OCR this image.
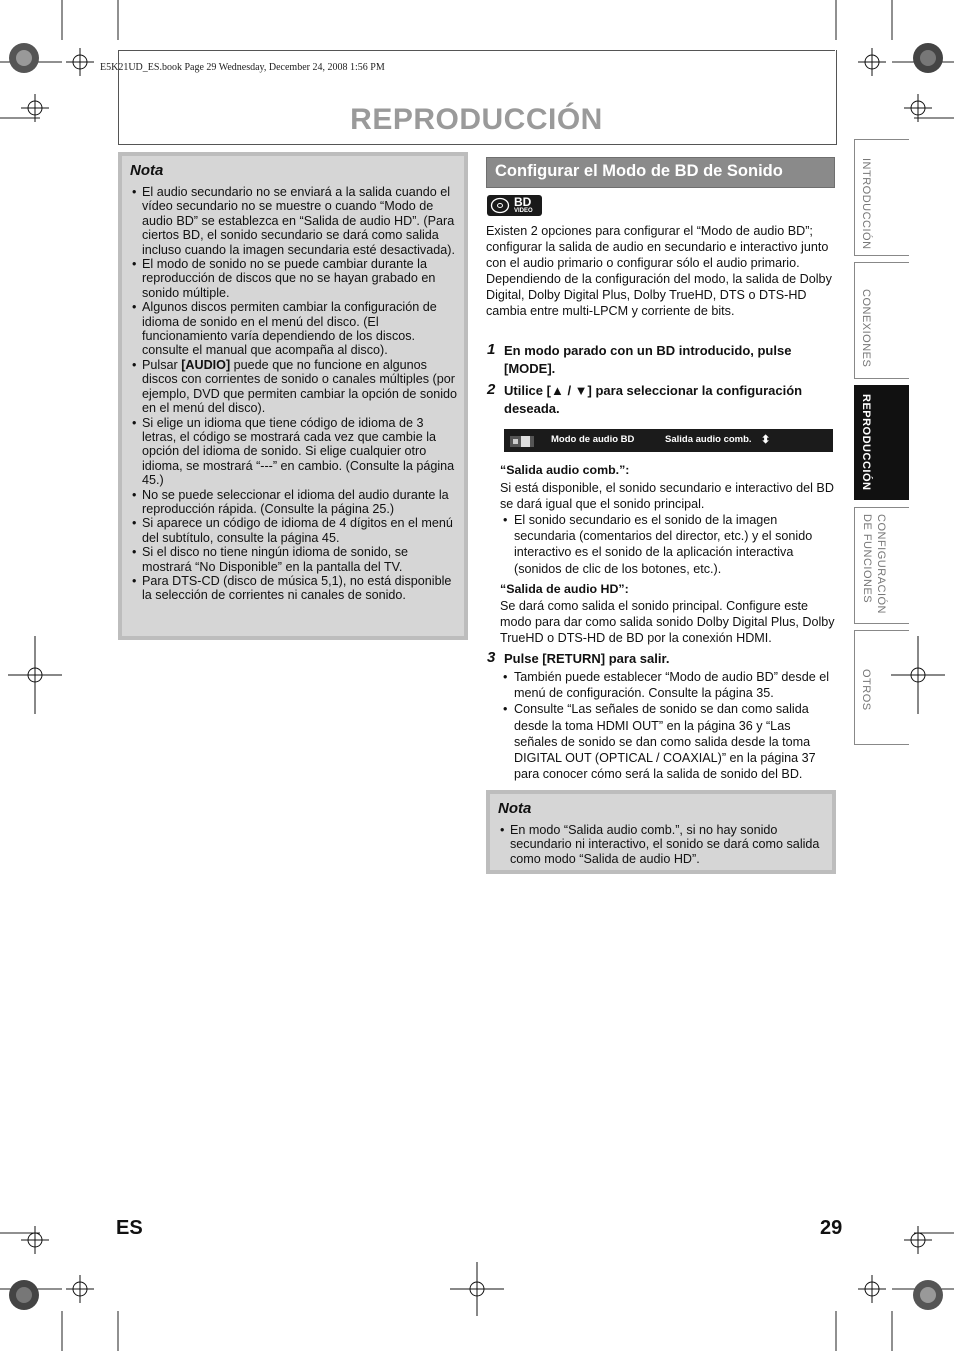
E5K21UD_ES.book Page 29 Wednesday, December 24, 2008 1:56 PM
REPRODUCCIÓN
Nota
• El audio secundario no se enviará a la salida cuando el vídeo secundario no se muestre o cuando “Modo de audio BD” se establezca en “Salida de audio HD”. (Para ciertos BD, el sonido secundario se dará como salida incluso cuando la imagen secundaria esté desactivada).
• El modo de sonido no se puede cambiar durante la reproducción de discos que no se hayan grabado en sonido múltiple.
• Algunos discos permiten cambiar la configuración de idioma de sonido en el menú del disco. (El funcionamiento varía dependiendo de los discos. consulte el manual que acompaña al disco).
• Pulsar [AUDIO] puede que no funcione en algunos discos con corrientes de sonido o canales múltiples (por ejemplo, DVD que permiten cambiar la opción de sonido en el menú del disco).
• Si elige un idioma que tiene código de idioma de 3 letras, el código se mostrará cada vez que cambie la opción del idioma de sonido. Si elige cualquier otro idioma, se mostrará “---” en cambio. (Consulte la página 45.)
• No se puede seleccionar el idioma del audio durante la reproducción rápida. (Consulte la página 25.)
• Si aparece un código de idioma de 4 dígitos en el menú del subtítulo, consulte la página 45.
• Si el disco no tiene ningún idioma de sonido, se mostrará “No Disponible” en la pantalla del TV.
• Para DTS-CD (disco de música 5,1), no está disponible la selección de corrientes ni canales de sonido.
Configurar el Modo de BD de Sonido
BD
VIDEO
Existen 2 opciones para configurar el “Modo de audio BD”; configurar la salida de audio en secundario e interactivo junto con el audio primario o configurar sólo el audio primario. Dependiendo de la configuración del modo, la salida de Dolby Digital, Dolby Digital Plus, Dolby TrueHD, DTS o DTS-HD cambia entre multi-LPCM y corriente de bits.
1 En modo parado con un BD introducido, pulse [MODE].
2 Utilice [▲ / ▼] para seleccionar la configuración deseada.
Modo de audio BD	Salida audio comb. ⬍
“Salida audio comb.”:
Si está disponible, el sonido secundario e interactivo del BD se dará igual que el sonido principal.
• El sonido secundario es el sonido de la imagen secundaria (comentarios del director, etc.) y el sonido interactivo es el sonido de la aplicación interactiva (sonidos de clic de los botones, etc.).
“Salida de audio HD”:
Se dará como salida el sonido principal. Configure este modo para dar como salida sonido Dolby Digital Plus, Dolby TrueHD o DTS-HD de BD por la conexión HDMI.
3 Pulse [RETURN] para salir.
• También puede establecer “Modo de audio BD” desde el menú de configuración. Consulte la página 35.
• Consulte “Las señales de sonido se dan como salida desde la toma HDMI OUT” en la página 36 y “Las señales de sonido se dan como salida desde la toma DIGITAL OUT (OPTICAL / COAXIAL)” en la página 37 para conocer cómo será la salida de sonido del BD.
Nota
• En modo “Salida audio comb.”, si no hay sonido secundario ni interactivo, el sonido se dará como salida como modo “Salida de audio HD”.
INTRODUCCIÓN
CONEXIONES
REPRODUCCIÓN
CONFIGURACIÓN DE FUNCIONES
OTROS
ES	29
